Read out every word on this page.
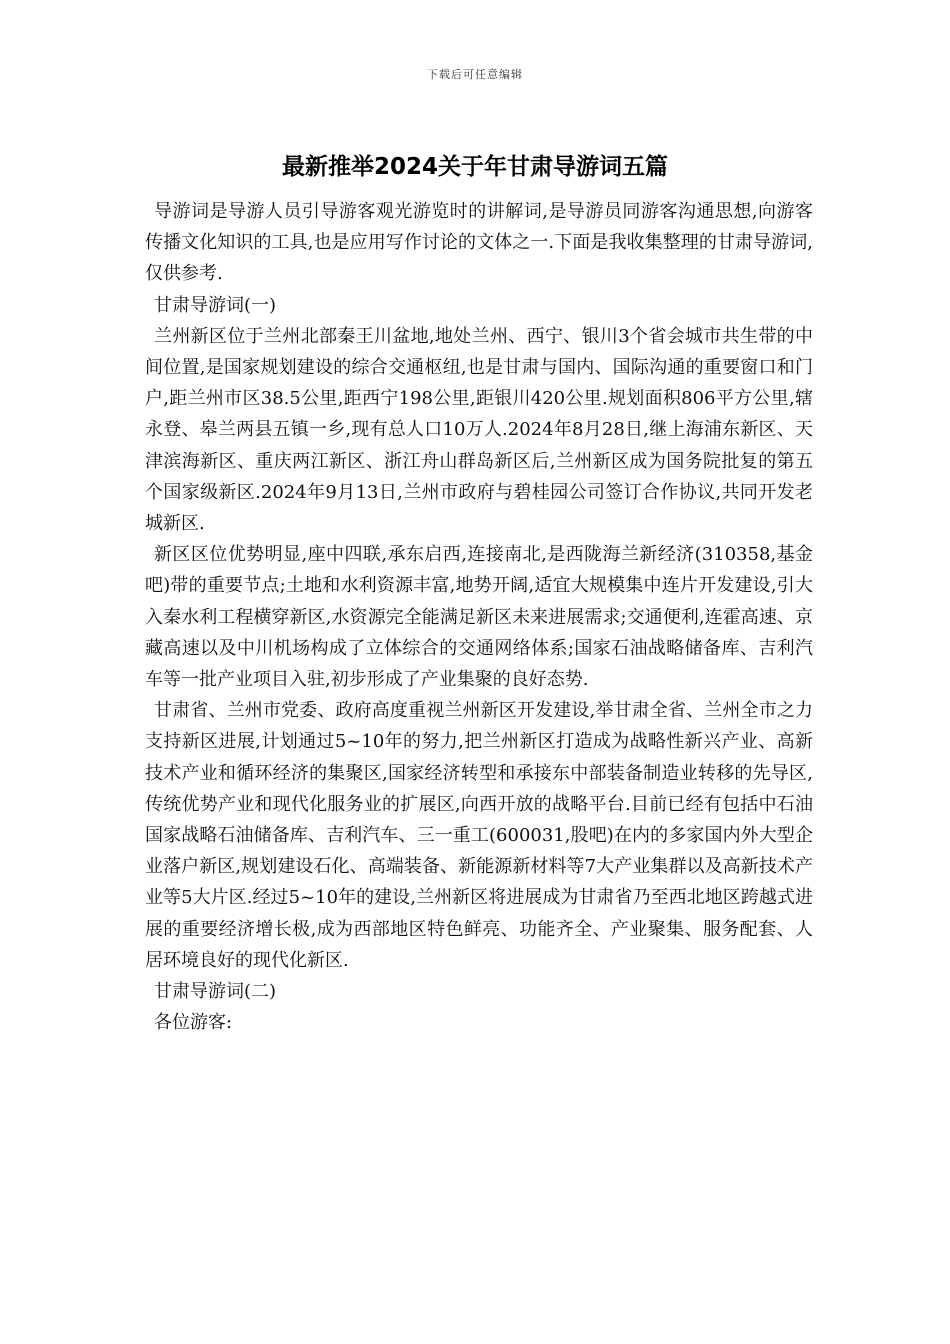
下载后可任意编辑
最新推举2024关于年甘肃导游词五篇

导游词是导游人员引导游客观光游览时的讲解词,是导游员同游客沟通思想,向游客传播文化知识的工具,也是应用写作讨论的文体之一.下面是我收集整理的甘肃导游词,仅供参考.

甘肃导游词(一)

兰州新区位于兰州北部秦王川盆地,地处兰州、西宁、银川3个省会城市共生带的中间位置,是国家规划建设的综合交通枢纽,也是甘肃与国内、国际沟通的重要窗口和门户,距兰州市区38.5公里,距西宁198公里,距银川420公里.规划面积806平方公里,辖永登、皋兰两县五镇一乡,现有总人口10万人.2024年8月28日,继上海浦东新区、天津滨海新区、重庆两江新区、浙江舟山群岛新区后,兰州新区成为国务院批复的第五个国家级新区.2024年9月13日,兰州市政府与碧桂园公司签订合作协议,共同开发老城新区.

新区区位优势明显,座中四联,承东启西,连接南北,是西陇海兰新经济(310358,基金吧)带的重要节点;土地和水利资源丰富,地势开阔,适宜大规模集中连片开发建设,引大入秦水利工程横穿新区,水资源完全能满足新区未来进展需求;交通便利,连霍高速、京藏高速以及中川机场构成了立体综合的交通网络体系;国家石油战略储备库、吉利汽车等一批产业项目入驻,初步形成了产业集聚的良好态势.

甘肃省、兰州市党委、政府高度重视兰州新区开发建设,举甘肃全省、兰州全市之力支持新区进展,计划通过5~10年的努力,把兰州新区打造成为战略性新兴产业、高新技术产业和循环经济的集聚区,国家经济转型和承接东中部装备制造业转移的先导区,传统优势产业和现代化服务业的扩展区,向西开放的战略平台.目前已经有包括中石油国家战略石油储备库、吉利汽车、三一重工(600031,股吧)在内的多家国内外大型企业落户新区,规划建设石化、高端装备、新能源新材料等7大产业集群以及高新技术产业等5大片区.经过5~10年的建设,兰州新区将进展成为甘肃省乃至西北地区跨越式进展的重要经济增长极,成为西部地区特色鲜亮、功能齐全、产业聚集、服务配套、人居环境良好的现代化新区.

甘肃导游词(二)

各位游客:
